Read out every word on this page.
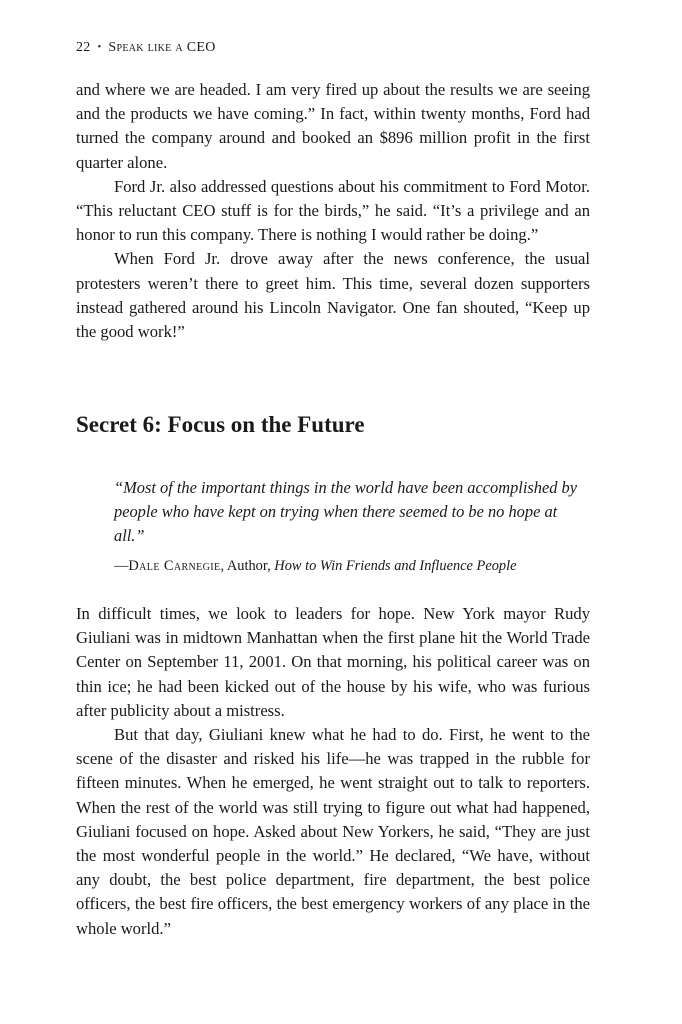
22 • Speak like a CEO

and where we are headed. I am very fired up about the results we are seeing and the products we have coming.” In fact, within twenty months, Ford had turned the company around and booked an $896 million profit in the first quarter alone.

Ford Jr. also addressed questions about his commitment to Ford Motor. “This reluctant CEO stuff is for the birds,” he said. “It’s a privilege and an honor to run this company. There is nothing I would rather be doing.”

When Ford Jr. drove away after the news conference, the usual protesters weren’t there to greet him. This time, several dozen supporters instead gathered around his Lincoln Navigator. One fan shouted, “Keep up the good work!”

Secret 6: Focus on the Future

“Most of the important things in the world have been accomplished by people who have kept on trying when there seemed to be no hope at all.”

—Dale Carnegie, Author, How to Win Friends and Influence People

In difficult times, we look to leaders for hope. New York mayor Rudy Giuliani was in midtown Manhattan when the first plane hit the World Trade Center on September 11, 2001. On that morning, his political career was on thin ice; he had been kicked out of the house by his wife, who was furious after publicity about a mistress.

But that day, Giuliani knew what he had to do. First, he went to the scene of the disaster and risked his life—he was trapped in the rubble for fifteen minutes. When he emerged, he went straight out to talk to reporters. When the rest of the world was still trying to figure out what had happened, Giuliani focused on hope. Asked about New Yorkers, he said, “They are just the most wonderful people in the world.” He declared, “We have, without any doubt, the best police department, fire department, the best police officers, the best fire officers, the best emergency workers of any place in the whole world.”
